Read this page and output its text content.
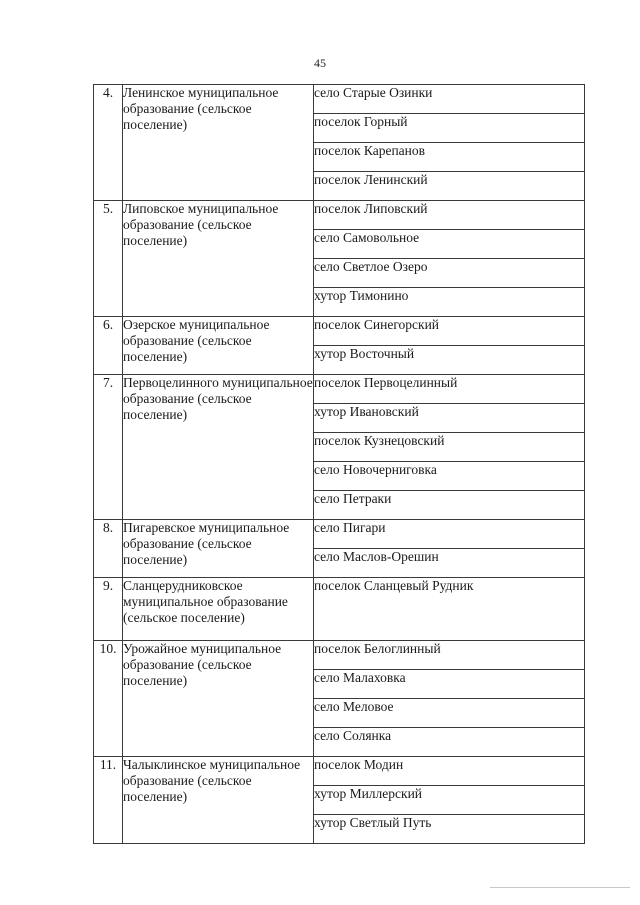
45
4.	Ленинское муниципальное образование (сельское поселение)	село Старые Озинки
		поселок Горный
		поселок Карепанов
		поселок Ленинский
5.	Липовское муниципальное образование (сельское поселение)	поселок Липовский
		село Самовольное
		село Светлое Озеро
		хутор Тимонино
6.	Озерское муниципальное образование (сельское поселение)	поселок Синегорский
		хутор Восточный
7.	Первоцелинного муниципальное образование (сельское поселение)	поселок Первоцелинный
		хутор Ивановский
		поселок Кузнецовский
		село Новочерниговка
		село Петраки
8.	Пигаревское муниципальное образование (сельское поселение)	село Пигари
		село Маслов-Орешин
9.	Сланцерудниковское муниципальное образование (сельское поселение)	поселок Сланцевый Рудник
10.	Урожайное муниципальное образование (сельское поселение)	поселок Белоглинный
		село Малаховка
		село Меловое
		село Солянка
11.	Чалыклинское муниципальное образование (сельское поселение)	поселок Модин
		хутор Миллерский
		хутор Светлый Путь
